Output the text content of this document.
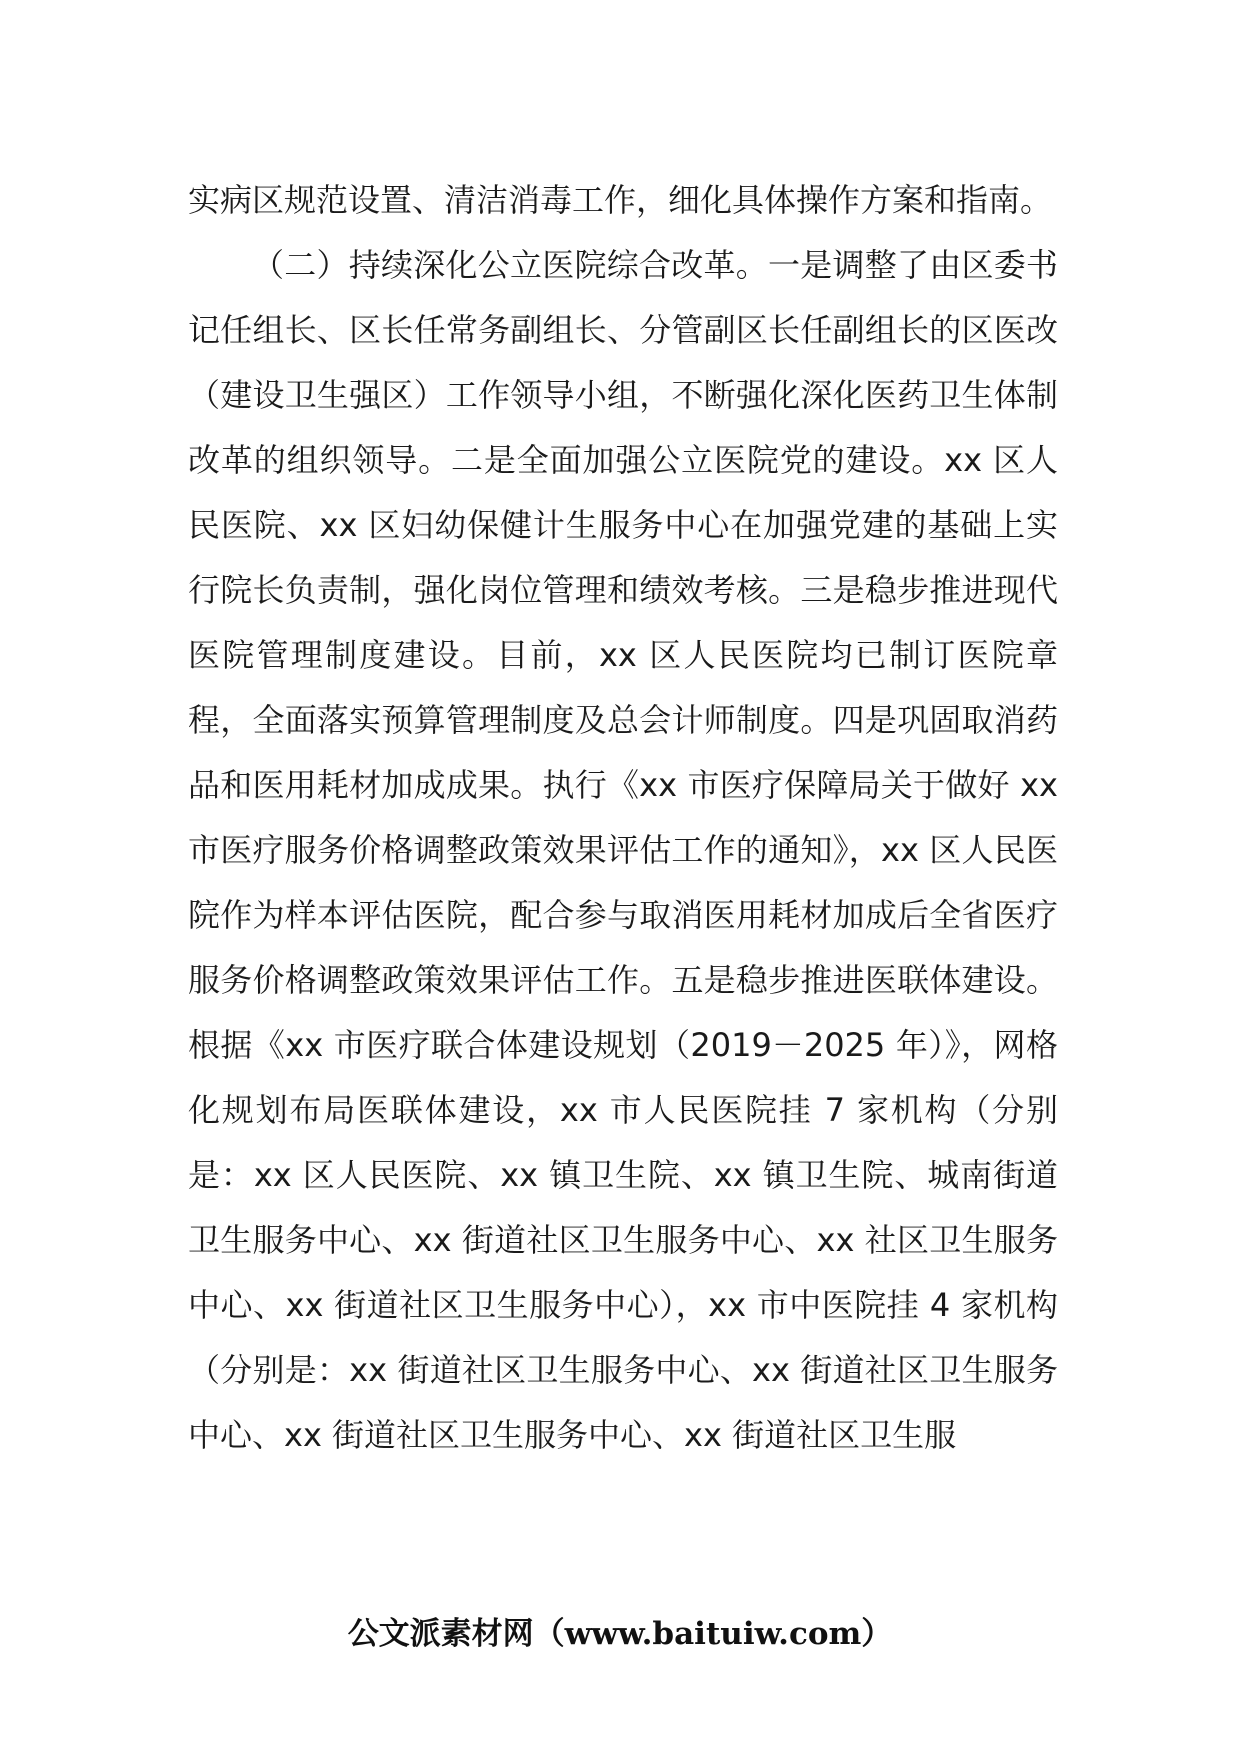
实病区规范设置、清洁消毒工作，细化具体操作方案和指南。

（二）持续深化公立医院综合改革。一是调整了由区委书记任组长、区长任常务副组长、分管副区长任副组长的区医改（建设卫生强区）工作领导小组，不断强化深化医药卫生体制改革的组织领导。二是全面加强公立医院党的建设。xx 区人民医院、xx 区妇幼保健计生服务中心在加强党建的基础上实行院长负责制，强化岗位管理和绩效考核。三是稳步推进现代医院管理制度建设。目前，xx 区人民医院均已制订医院章程，全面落实预算管理制度及总会计师制度。四是巩固取消药品和医用耗材加成成果。执行《xx 市医疗保障局关于做好 xx 市医疗服务价格调整政策效果评估工作的通知》，xx 区人民医院作为样本评估医院，配合参与取消医用耗材加成后全省医疗服务价格调整政策效果评估工作。五是稳步推进医联体建设。根据《xx 市医疗联合体建设规划（2019－2025 年）》，网格化规划布局医联体建设，xx 市人民医院挂 7 家机构（分别是：xx 区人民医院、xx 镇卫生院、xx 镇卫生院、城南街道卫生服务中心、xx 街道社区卫生服务中心、xx 社区卫生服务中心、xx 街道社区卫生服务中心），xx 市中医院挂 4 家机构（分别是：xx 街道社区卫生服务中心、xx 街道社区卫生服务中心、xx 街道社区卫生服务中心、xx 街道社区卫生服

公文派素材网（www.baituiw.com）
